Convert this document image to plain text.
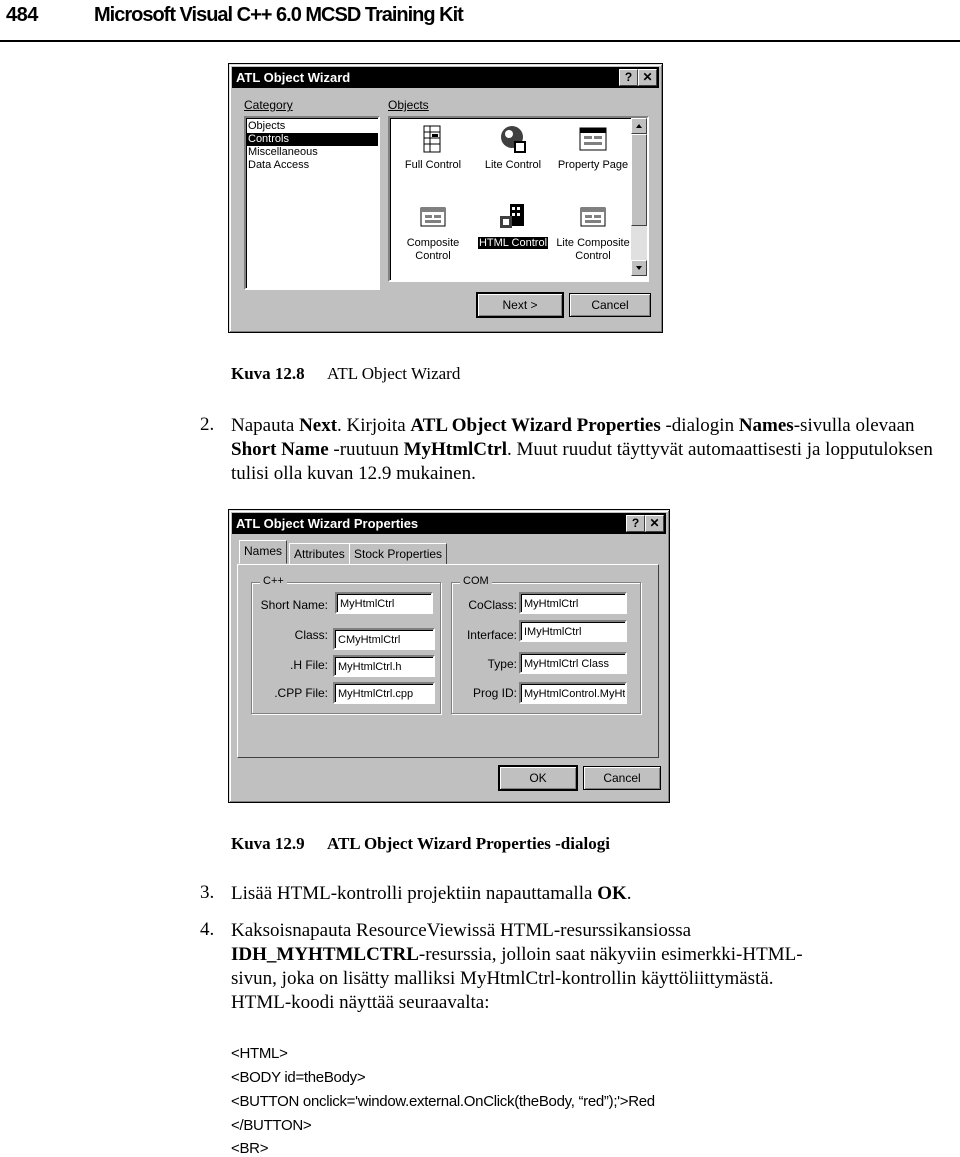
484	Microsoft Visual C++ 6.0 MCSD Training Kit
ATL Object Wizard	? ✕
Category	Objects
Objects
Controls
Miscellaneous
Data Access	Full Control	Lite Control	Property Page
Composite Control
HTML Control Lite Composite Control
Next >	Cancel
Kuva 12.8 ATL Object Wizard
2. Napauta Next. Kirjoita ATL Object Wizard Properties -dialogin Names-sivulla olevaan Short Name -ruutuun MyHtmlCtrl. Muut ruudut täyttyvät automaattisesti ja lopputuloksen tulisi olla kuvan 12.9 mukainen.
ATL Object Wizard Properties	? ✕
Names Attributes Stock Properties
C++	COM
Short Name:	MyHtmlCtrl
Class: CMyHtmlCtrl
.H File: MyHtmlCtrl.h
.CPP File: MyHtmlCtrl.cpp
CoClass: MyHtmlCtrl
Interface: IMyHtmlCtrl
Type: MyHtmlCtrl Class
Prog ID: MyHtmlControl.MyHt
OK	Cancel
Kuva 12.9 ATL Object Wizard Properties -dialogi
3. Lisää HTML-kontrolli projektiin napauttamalla OK.
4. Kaksoisnapauta ResourceViewissä HTML-resurssikansiossa
IDH_MYHTMLCTRL-resurssia, jolloin saat näkyviin esimerkki-HTML-
sivun, joka on lisätty malliksi MyHtmlCtrl-kontrollin käyttöliittymästä.
HTML-koodi näyttää seuraavalta:
<HTML>
<BODY id=theBody>
<BUTTON onclick='window.external.OnClick(theBody, “red”);'>Red
</BUTTON>
<BR>
